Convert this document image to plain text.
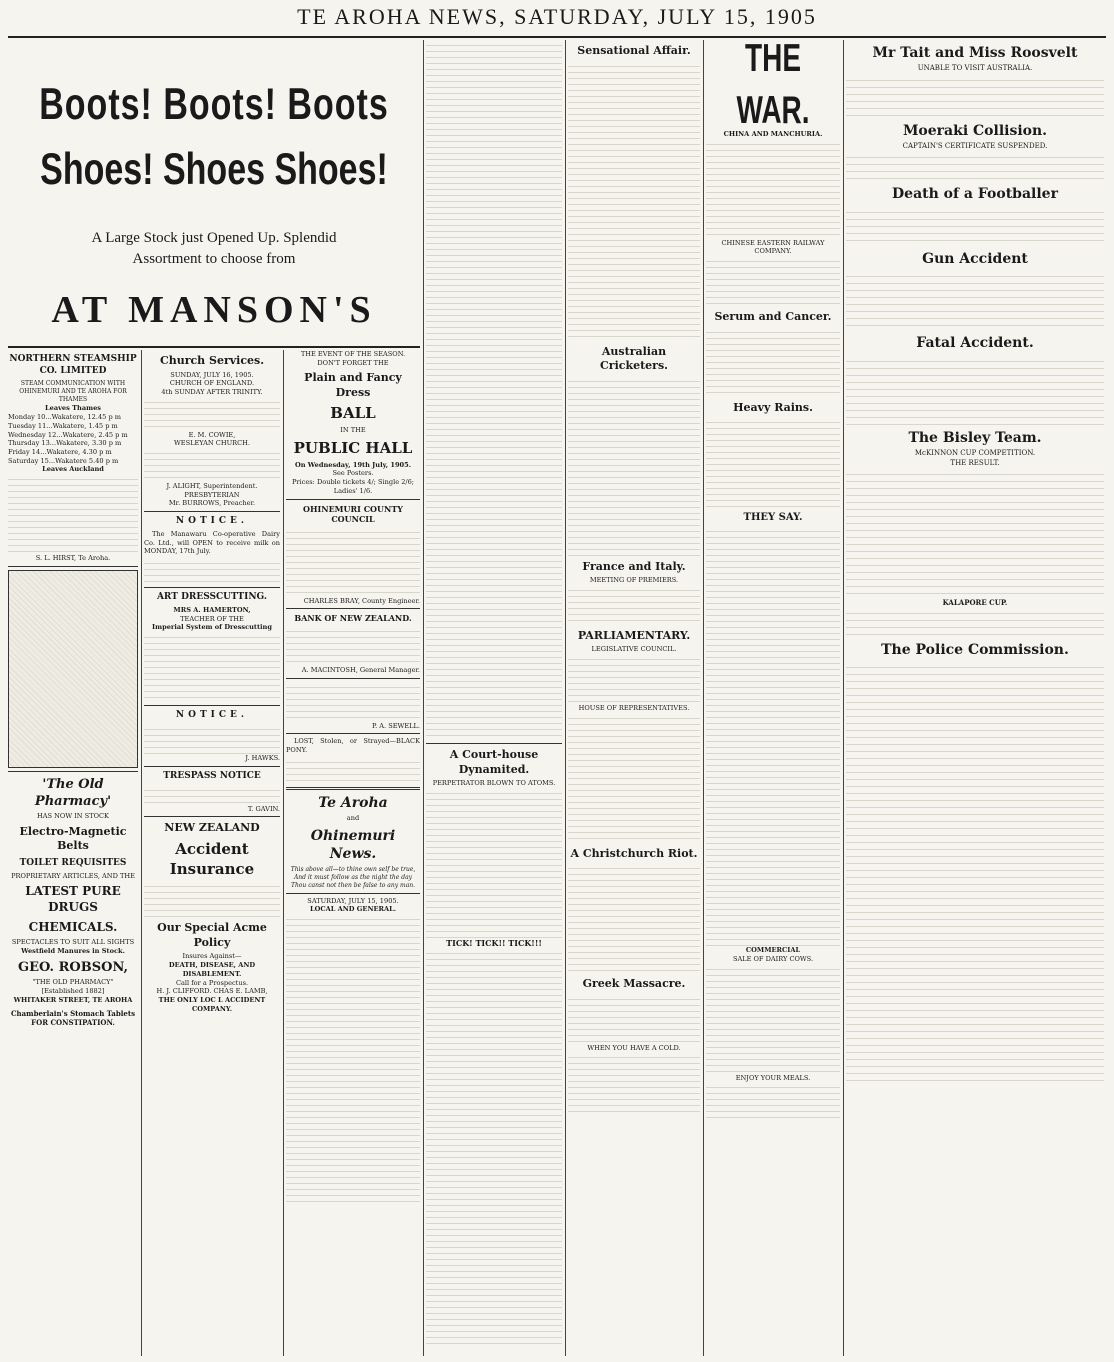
TE AROHA NEWS, SATURDAY, JULY 15, 1905
Boots! Boots! Boots
Shoes! Shoes Shoes!
A Large Stock just Opened Up. Splendid
Assortment to choose from
AT MANSON'S
NORTHERN STEAMSHIP CO. LIMITED
STEAM COMMUNICATION WITH OHINEMURI AND TE AROHA FOR THAMES
Leaves Thames
Monday 10...Wakatere, 12.45 p m
Tuesday 11...Wakatere, 1.45 p m
Wednesday 12...Wakatere, 2.45 p m
Thursday 13...Wakatere, 3.30 p m
Friday 14...Wakatere, 4.30 p m
Saturday 15...Wakatere 5.40 p m
Leaves Auckland
S. L. HIRST, Te Aroha.
'The Old Pharmacy'
HAS NOW IN STOCK
Electro-Magnetic Belts
TOILET REQUISITES
PROPRIETARY ARTICLES, AND THE
LATEST PURE DRUGS
CHEMICALS.
SPECTACLES TO SUIT ALL SIGHTS
Westfield Manures in Stock.
GEO. ROBSON,
"THE OLD PHARMACY"
[Established 1882]
WHITAKER STREET, TE AROHA
Chamberlain's Stomach Tablets FOR CONSTIPATION.
Church Services.
SUNDAY, JULY 16, 1905.
CHURCH OF ENGLAND.
4th SUNDAY AFTER TRINITY.
E. M. COWIE,
WESLEYAN CHURCH.
J. ALIGHT, Superintendent.
PRESBYTERIAN
Mr. BURROWS, Preacher.
NOTICE.
The Manawaru Co-operative Dairy Co. Ltd., will OPEN to receive milk on MONDAY, 17th July.
ART DRESSCUTTING.
MRS A. HAMERTON,
TEACHER OF THE
Imperial System of Dresscutting
NOTICE.
J. HAWKS.
TRESPASS NOTICE
T. GAVIN.
NEW ZEALAND
Accident Insurance
Our Special Acme Policy
Insures Against—
DEATH, DISEASE, AND DISABLEMENT.
Call for a Prospectus.
H. J. CLIFFORD. CHAS E. LAMB,
THE ONLY LOC L ACCIDENT COMPANY.
THE EVENT OF THE SEASON.
DON'T FORGET THE
Plain and Fancy Dress
BALL
IN THE
PUBLIC HALL
On Wednesday, 19th July, 1905.
See Posters.
Prices: Double tickets 4/; Single 2/6; Ladies' 1/6.
OHINEMURI COUNTY COUNCIL
CHARLES BRAY, County Engineer.
BANK OF NEW ZEALAND.
A. MACINTOSH, General Manager.
P. A. SEWELL.
LOST, Stolen, or Strayed—BLACK PONY.
Te Aroha
and
Ohinemuri News.
This above all—to thine own self be true, And it must follow as the night the day Thou canst not then be false to any man.
SATURDAY, JULY 15, 1905.
LOCAL AND GENERAL.
A Court-house Dynamited.
PERPETRATOR BLOWN TO ATOMS.
TICK! TICK!! TICK!!!
Sensational Affair.
Australian Cricketers.
France and Italy.
MEETING OF PREMIERS.
PARLIAMENTARY.
LEGISLATIVE COUNCIL.
HOUSE OF REPRESENTATIVES.
A Christchurch Riot.
Greek Massacre.
WHEN YOU HAVE A COLD.
THE WAR.
CHINA AND MANCHURIA.
CHINESE EASTERN RAILWAY COMPANY.
Serum and Cancer.
Heavy Rains.
THEY SAY.
COMMERCIAL
SALE OF DAIRY COWS.
ENJOY YOUR MEALS.
Mr Tait and Miss Roosvelt
UNABLE TO VISIT AUSTRALIA.
Moeraki Collision.
CAPTAIN'S CERTIFICATE SUSPENDED.
Death of a Footballer
Gun Accident
Fatal Accident.
The Bisley Team.
McKINNON CUP COMPETITION.
THE RESULT.
KALAPORE CUP.
The Police Commission.
